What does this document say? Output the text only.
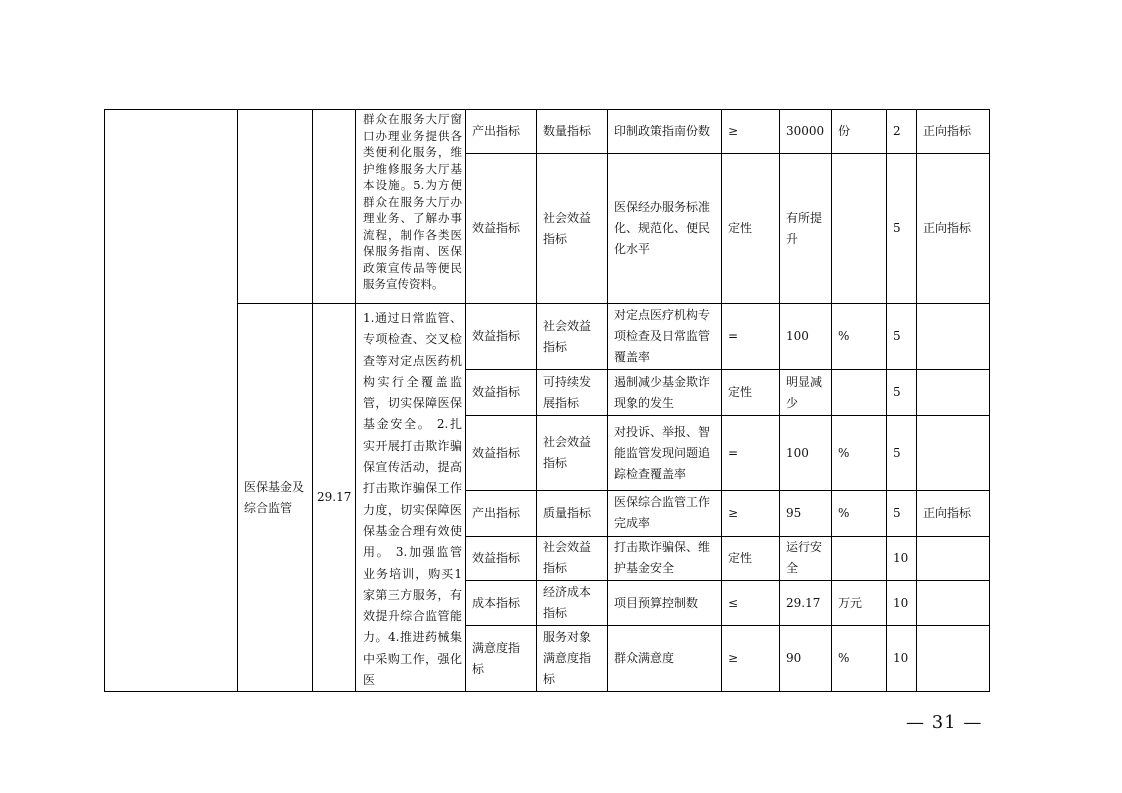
			群众在服务大厅窗口办理业务提供各类便利化服务，维护维修服务大厅基本设施。5.为方便群众在服务大厅办理业务、了解办事流程，制作各类医保服务指南、医保政策宣传品等便民服务宣传资料。	产出指标	数量指标	印制政策指南份数	≥	30000	份	2	正向指标
				效益指标	社会效益指标	医保经办服务标准化、规范化、便民化水平	定性	有所提升		5	正向指标
	医保基金及综合监管	29.17	1.通过日常监管、专项检查、交叉检查等对定点医药机构实行全覆盖监管，切实保障医保基金安全。 2.扎实开展打击欺诈骗保宣传活动，提高打击欺诈骗保工作力度，切实保障医保基金合理有效使用。 3.加强监管业务培训，购买1家第三方服务，有效提升综合监管能力。4.推进药械集中采购工作，强化医	效益指标	社会效益指标	对定点医疗机构专项检查及日常监管覆盖率	=	100	%	5	
				效益指标	可持续发展指标	遏制减少基金欺诈现象的发生	定性	明显减少		5	
				效益指标	社会效益指标	对投诉、举报、智能监管发现问题追踪检查覆盖率	=	100	%	5	
				产出指标	质量指标	医保综合监管工作完成率	≥	95	%	5	正向指标
				效益指标	社会效益指标	打击欺诈骗保、维护基金安全	定性	运行安全		10	
				成本指标	经济成本指标	项目预算控制数	≤	29.17	万元	10	
				满意度指标	服务对象满意度指标	群众满意度	≥	90	%	10	
— 31 —
